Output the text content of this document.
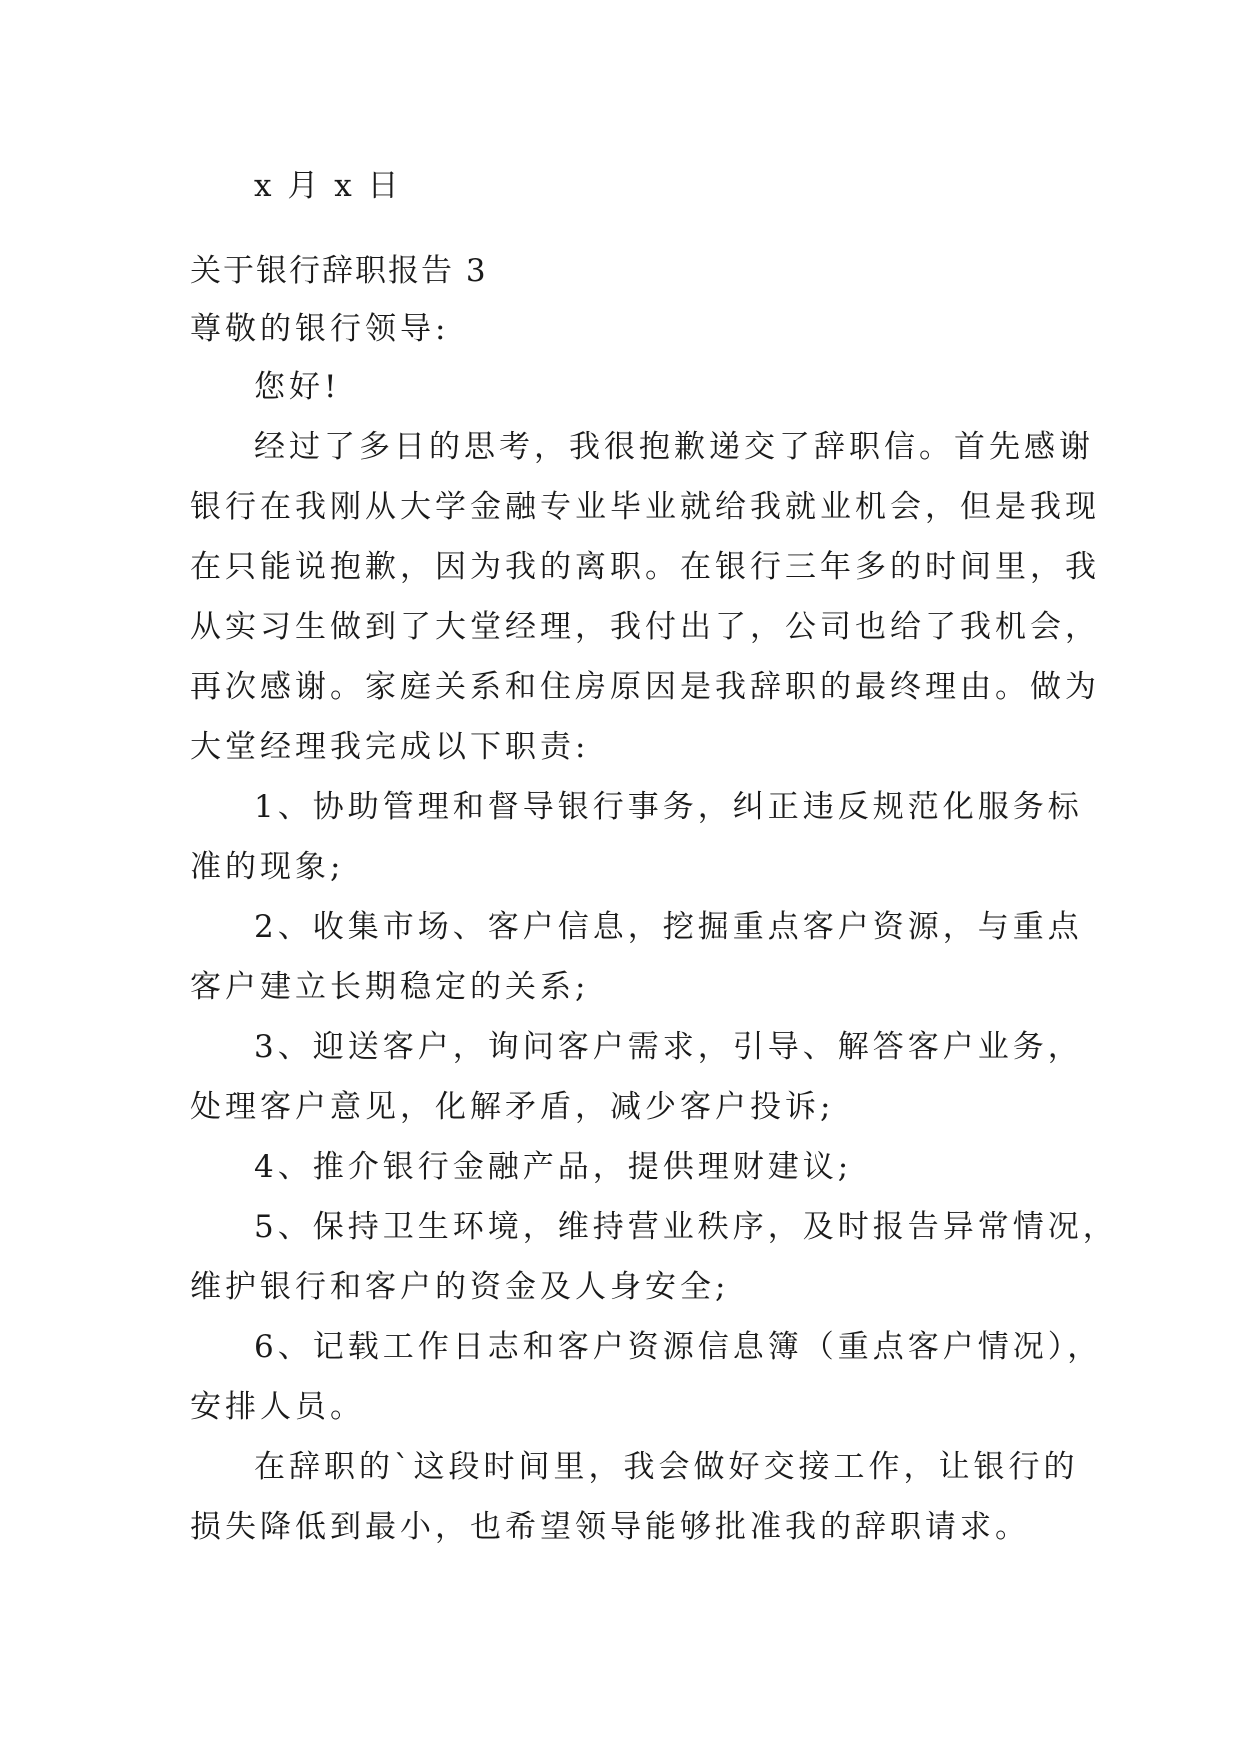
x 月 x 日

关于银行辞职报告 3

尊敬的银行领导:

您好!

经过了多日的思考，我很抱歉递交了辞职信。首先感谢

银行在我刚从大学金融专业毕业就给我就业机会，但是我现

在只能说抱歉，因为我的离职。在银行三年多的时间里，我

从实习生做到了大堂经理，我付出了，公司也给了我机会，

再次感谢。家庭关系和住房原因是我辞职的最终理由。做为

大堂经理我完成以下职责:

1、协助管理和督导银行事务，纠正违反规范化服务标

准的现象;

2、收集市场、客户信息，挖掘重点客户资源，与重点

客户建立长期稳定的关系;

3、迎送客户，询问客户需求，引导、解答客户业务，

处理客户意见，化解矛盾，减少客户投诉;

4、推介银行金融产品，提供理财建议;

5、保持卫生环境，维持营业秩序，及时报告异常情况，

维护银行和客户的资金及人身安全;

6、记载工作日志和客户资源信息簿（重点客户情况），

安排人员。

在辞职的`这段时间里，我会做好交接工作，让银行的

损失降低到最小，也希望领导能够批准我的辞职请求。
